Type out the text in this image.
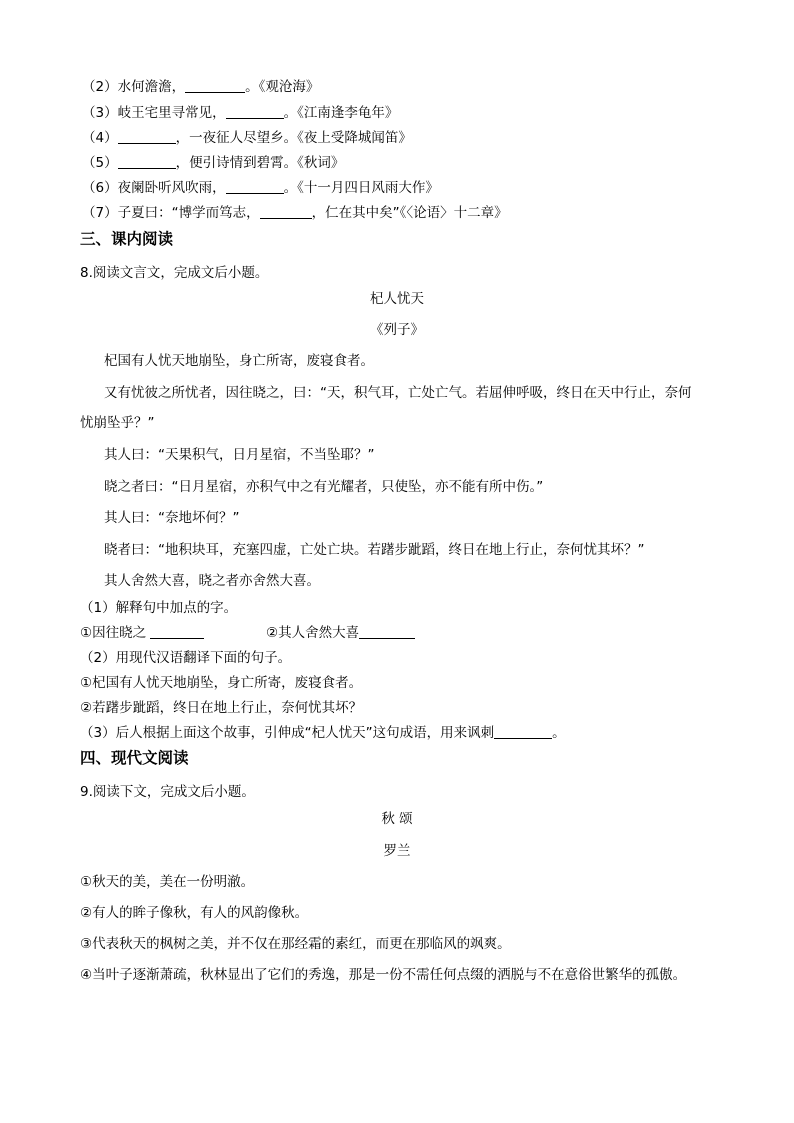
（2）水何澹澹，	。《观沧海》
（3）岐王宅里寻常见，	。《江南逢李龟年》
（4）	，一夜征人尽望乡。《夜上受降城闻笛》
（5）	，便引诗情到碧霄。《秋词》
（6）夜阑卧听风吹雨，	。《十一月四日风雨大作》
（7）子夏曰：“博学而笃志，	，仁在其中矣”《〈论语〉十二章》
三、课内阅读
8.阅读文言文，完成文后小题。
杞人忧天
《列子》
杞国有人忧天地崩坠，身亡所寄，废寝食者。
又有忧彼之所忧者，因往晓之，曰：“天，积气耳，亡处亡气。若屈伸呼吸，终日在天中行止，奈何
忧崩坠乎？”
其人曰：“天果积气，日月星宿，不当坠耶？”
晓之者曰：“日月星宿，亦积气中之有光耀者，只使坠，亦不能有所中伤。”
其人曰：“奈地坏何？”
晓者曰：“地积块耳，充塞四虚，亡处亡块。若躇步跐蹈，终日在地上行止，奈何忧其坏？”
其人舍然大喜，晓之者亦舍然大喜。
（1）解释句中加点的字。
①因往晓之	②其人舍然大喜
（2）用现代汉语翻译下面的句子。
①杞国有人忧天地崩坠，身亡所寄，废寝食者。
②若躇步跐蹈，终日在地上行止，奈何忧其坏？
（3）后人根据上面这个故事，引伸成“杞人忧天”这句成语，用来讽刺	。
四、现代文阅读
9.阅读下文，完成文后小题。
秋 颂
罗兰
①秋天的美，美在一份明澈。
②有人的眸子像秋，有人的风韵像秋。
③代表秋天的枫树之美，并不仅在那经霜的素红，而更在那临风的飒爽。
④当叶子逐渐萧疏，秋林显出了它们的秀逸，那是一份不需任何点缀的洒脱与不在意俗世繁华的孤傲。
